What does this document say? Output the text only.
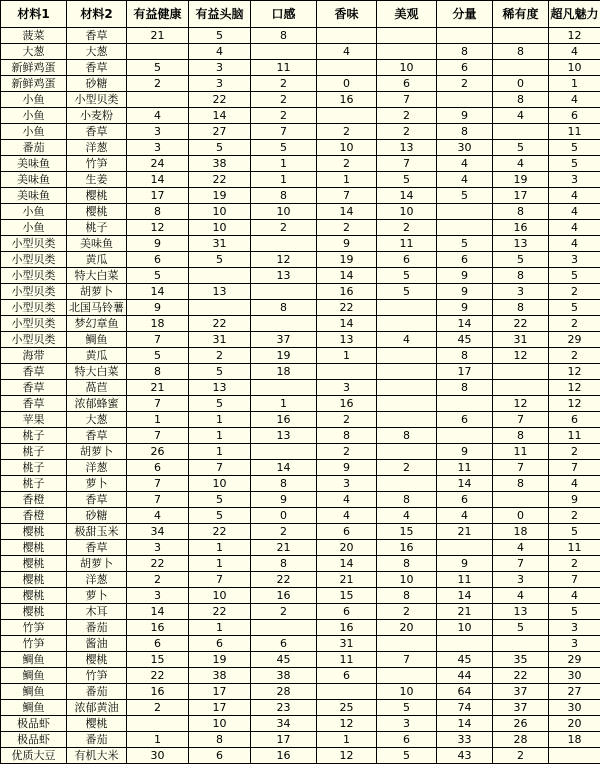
材料1	材料2	有益健康	有益头脑	口感	香味	美观	分量	稀有度	超凡魅力
菠菜	香草	21	5	8					12
大葱	大葱		4		4		8	8	4
新鲜鸡蛋	香草	5	3	11		10	6		10
新鲜鸡蛋	砂糖	2	3	2	0	6	2	0	1
小鱼	小型贝类		22	2	16	7		8	4
小鱼	小麦粉	4	14	2		2	9	4	6
小鱼	香草	3	27	7	2	2	8		11
番茄	洋葱	3	5	5	10	13	30	5	5
美味鱼	竹笋	24	38	1	2	7	4	4	5
美味鱼	生姜	14	22	1	1	5	4	19	3
美味鱼	樱桃	17	19	8	7	14	5	17	4
小鱼	樱桃	8	10	10	14	10		8	4
小鱼	桃子	12	10	2	2	2		16	4
小型贝类	美味鱼	9	31		9	11	5	13	4
小型贝类	黄瓜	6	5	12	19	6	6	5	3
小型贝类	特大白菜	5		13	14	5	9	8	5
小型贝类	胡萝卜	14	13		16	5	9	3	2
小型贝类	北国马铃薯	9		8	22		9	8	5
小型贝类	梦幻章鱼	18	22		14		14	22	2
小型贝类	鲷鱼	7	31	37	13	4	45	31	29
海带	黄瓜	5	2	19	1		8	12	2
香草	特大白菜	8	5	18			17		12
香草	萵苣	21	13		3		8		12
香草	浓郁蜂蜜	7	5	1	16			12	12
苹果	大葱	1	1	16	2		6	7	6
桃子	香草	7	1	13	8	8		8	11
桃子	胡萝卜	26	1		2		9	11	2
桃子	洋葱	6	7	14	9	2	11	7	7
桃子	萝卜	7	10	8	3		14	8	4
香橙	香草	7	5	9	4	8	6		9
香橙	砂糖	4	5	0	4	4	4	0	2
樱桃	极甜玉米	34	22	2	6	15	21	18	5
樱桃	香草	3	1	21	20	16		4	11
樱桃	胡萝卜	22	1	8	14	8	9	7	2
樱桃	洋葱	2	7	22	21	10	11	3	7
樱桃	萝卜	3	10	16	15	8	14	4	4
樱桃	木耳	14	22	2	6	2	21	13	5
竹笋	番茄	16	1		16	20	10	5	3
竹笋	酱油	6	6	6	31				3
鲷鱼	樱桃	15	19	45	11	7	45	35	29
鲷鱼	竹笋	22	38	38	6		44	22	30
鲷鱼	番茄	16	17	28		10	64	37	27
鲷鱼	浓郁黄油	2	17	23	25	5	74	37	30
极品虾	樱桃		10	34	12	3	14	26	20
极品虾	番茄	1	8	17	1	6	33	28	18
优质大豆	有机大米	30	6	16	12	5	43	2	
